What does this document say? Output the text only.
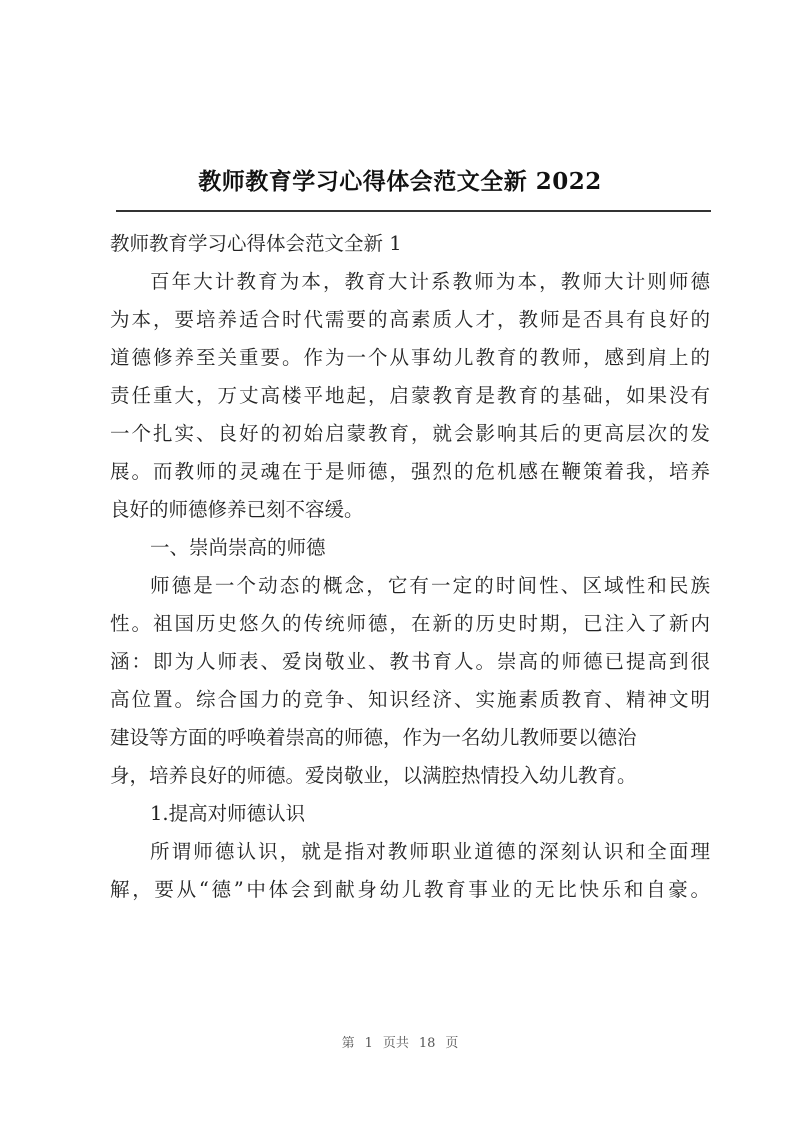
教师教育学习心得体会范文全新 2022
教师教育学习心得体会范文全新 1
百年大计教育为本，教育大计系教师为本，教师大计则师德
为本，要培养适合时代需要的高素质人才，教师是否具有良好的
道德修养至关重要。作为一个从事幼儿教育的教师，感到肩上的
责任重大，万丈高楼平地起，启蒙教育是教育的基础，如果没有
一个扎实、良好的初始启蒙教育，就会影响其后的更高层次的发
展。而教师的灵魂在于是师德，强烈的危机感在鞭策着我，培养
良好的师德修养已刻不容缓。
一、崇尚崇高的师德
师德是一个动态的概念，它有一定的时间性、区域性和民族
性。祖国历史悠久的传统师德，在新的历史时期，已注入了新内
涵：即为人师表、爱岗敬业、教书育人。崇高的师德已提高到很
高位置。综合国力的竞争、知识经济、实施素质教育、精神文明
建设等方面的呼唤着崇高的师德，作为一名幼儿教师要以德治
身，培养良好的师德。爱岗敬业，以满腔热情投入幼儿教育。
1.提高对师德认识
所谓师德认识，就是指对教师职业道德的深刻认识和全面理
解，要从“德”中体会到献身幼儿教育事业的无比快乐和自豪。
第 1 页共 18 页
